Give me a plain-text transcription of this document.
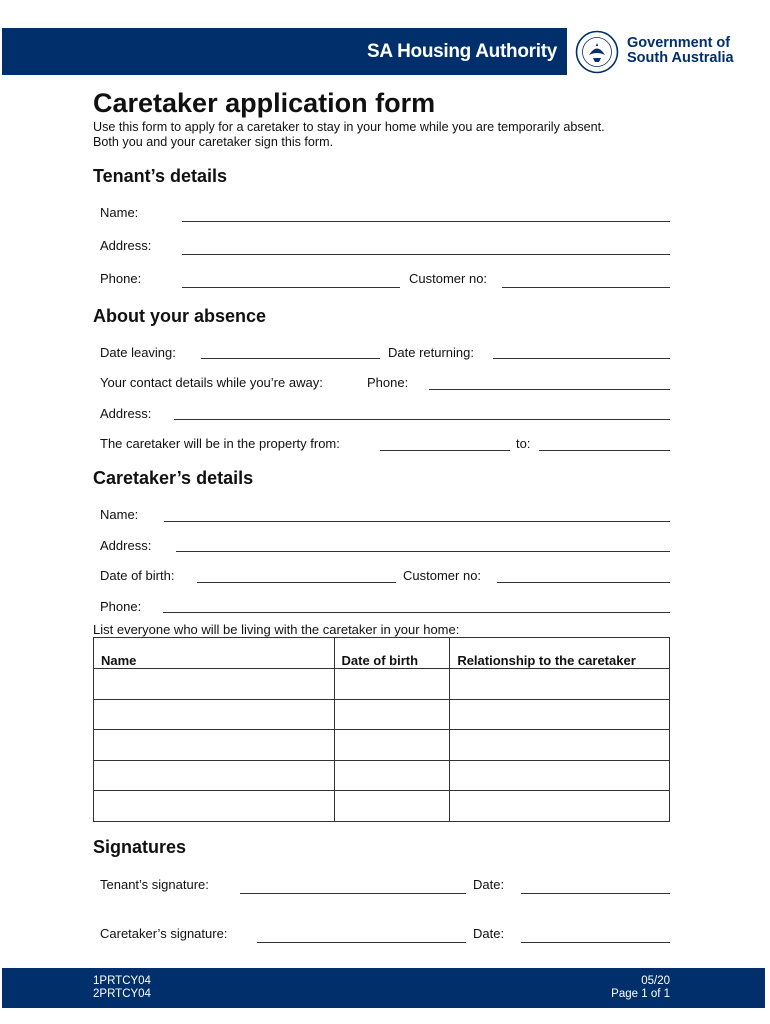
SA Housing Authority	Government of
South Australia
Caretaker application form
Use this form to apply for a caretaker to stay in your home while you are temporarily absent.
Both you and your caretaker sign this form.
Tenant’s details
Name:
Address:
Phone:	Customer no:
About your absence
Date leaving:	Date returning:
Your contact details while you’re away:	Phone:
Address:
The caretaker will be in the property from:	to:
Caretaker’s details
Name:
Address:
Date of birth:	Customer no:
Phone:
List everyone who will be living with the caretaker in your home:
Name	Date of birth	Relationship to the caretaker

Signatures
Tenant’s signature:	Date:
Caretaker’s signature:	Date:
1PRTCY04
2PRTCY04
05/20
Page 1 of 1
